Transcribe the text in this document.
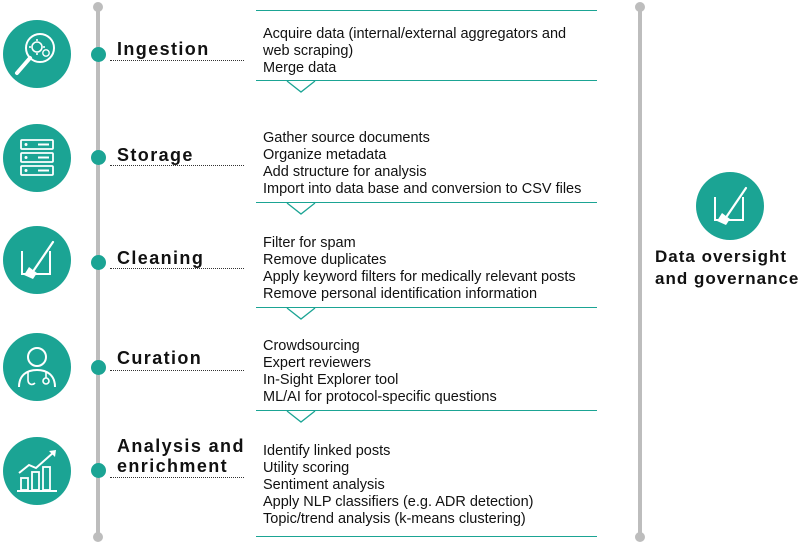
Ingestion
Acquire data (internal/external aggregators and
web scraping)
Merge data
Storage
Gather source documents
Organize metadata
Add structure for analysis
Import into data base and conversion to CSV files
Cleaning
Filter for spam
Remove duplicates
Apply keyword filters for medically relevant posts
Remove personal identification information
Curation
Crowdsourcing
Expert reviewers
In-Sight Explorer tool
ML/AI for protocol-specific questions
Analysis and
enrichment
Identify linked posts
Utility scoring
Sentiment analysis
Apply NLP classifiers (e.g. ADR detection)
Topic/trend analysis (k-means clustering)
Data oversight
and governance
